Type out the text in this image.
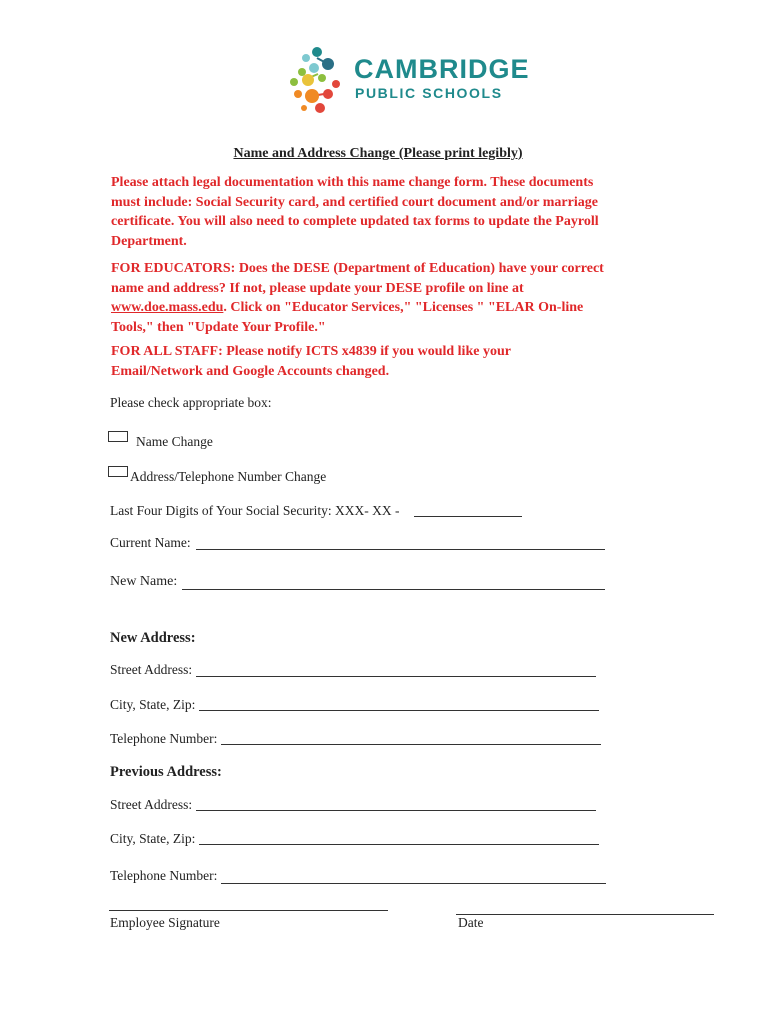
CAMBRIDGE
PUBLIC SCHOOLS
Name and Address Change (Please print legibly)
Please attach legal documentation with this name change form. These documents
must include: Social Security card, and certified court document and/or marriage
certificate. You will also need to complete updated tax forms to update the Payroll
Department.
FOR EDUCATORS: Does the DESE (Department of Education) have your correct
name and address? If not, please update your DESE profile on line at
www.doe.mass.edu. Click on "Educator Services," "Licenses " "ELAR On-line
Tools," then "Update Your Profile."
FOR ALL STAFF: Please notify ICTS x4839 if you would like your
Email/Network and Google Accounts changed.
Please check appropriate box:
Name Change
Address/Telephone Number Change
Last Four Digits of Your Social Security: XXX- XX -
Current Name:
New Name:
New Address:
Street Address:
City, State, Zip:
Telephone Number:
Previous Address:
Street Address:
City, State, Zip:
Telephone Number:
Employee Signature	Date
